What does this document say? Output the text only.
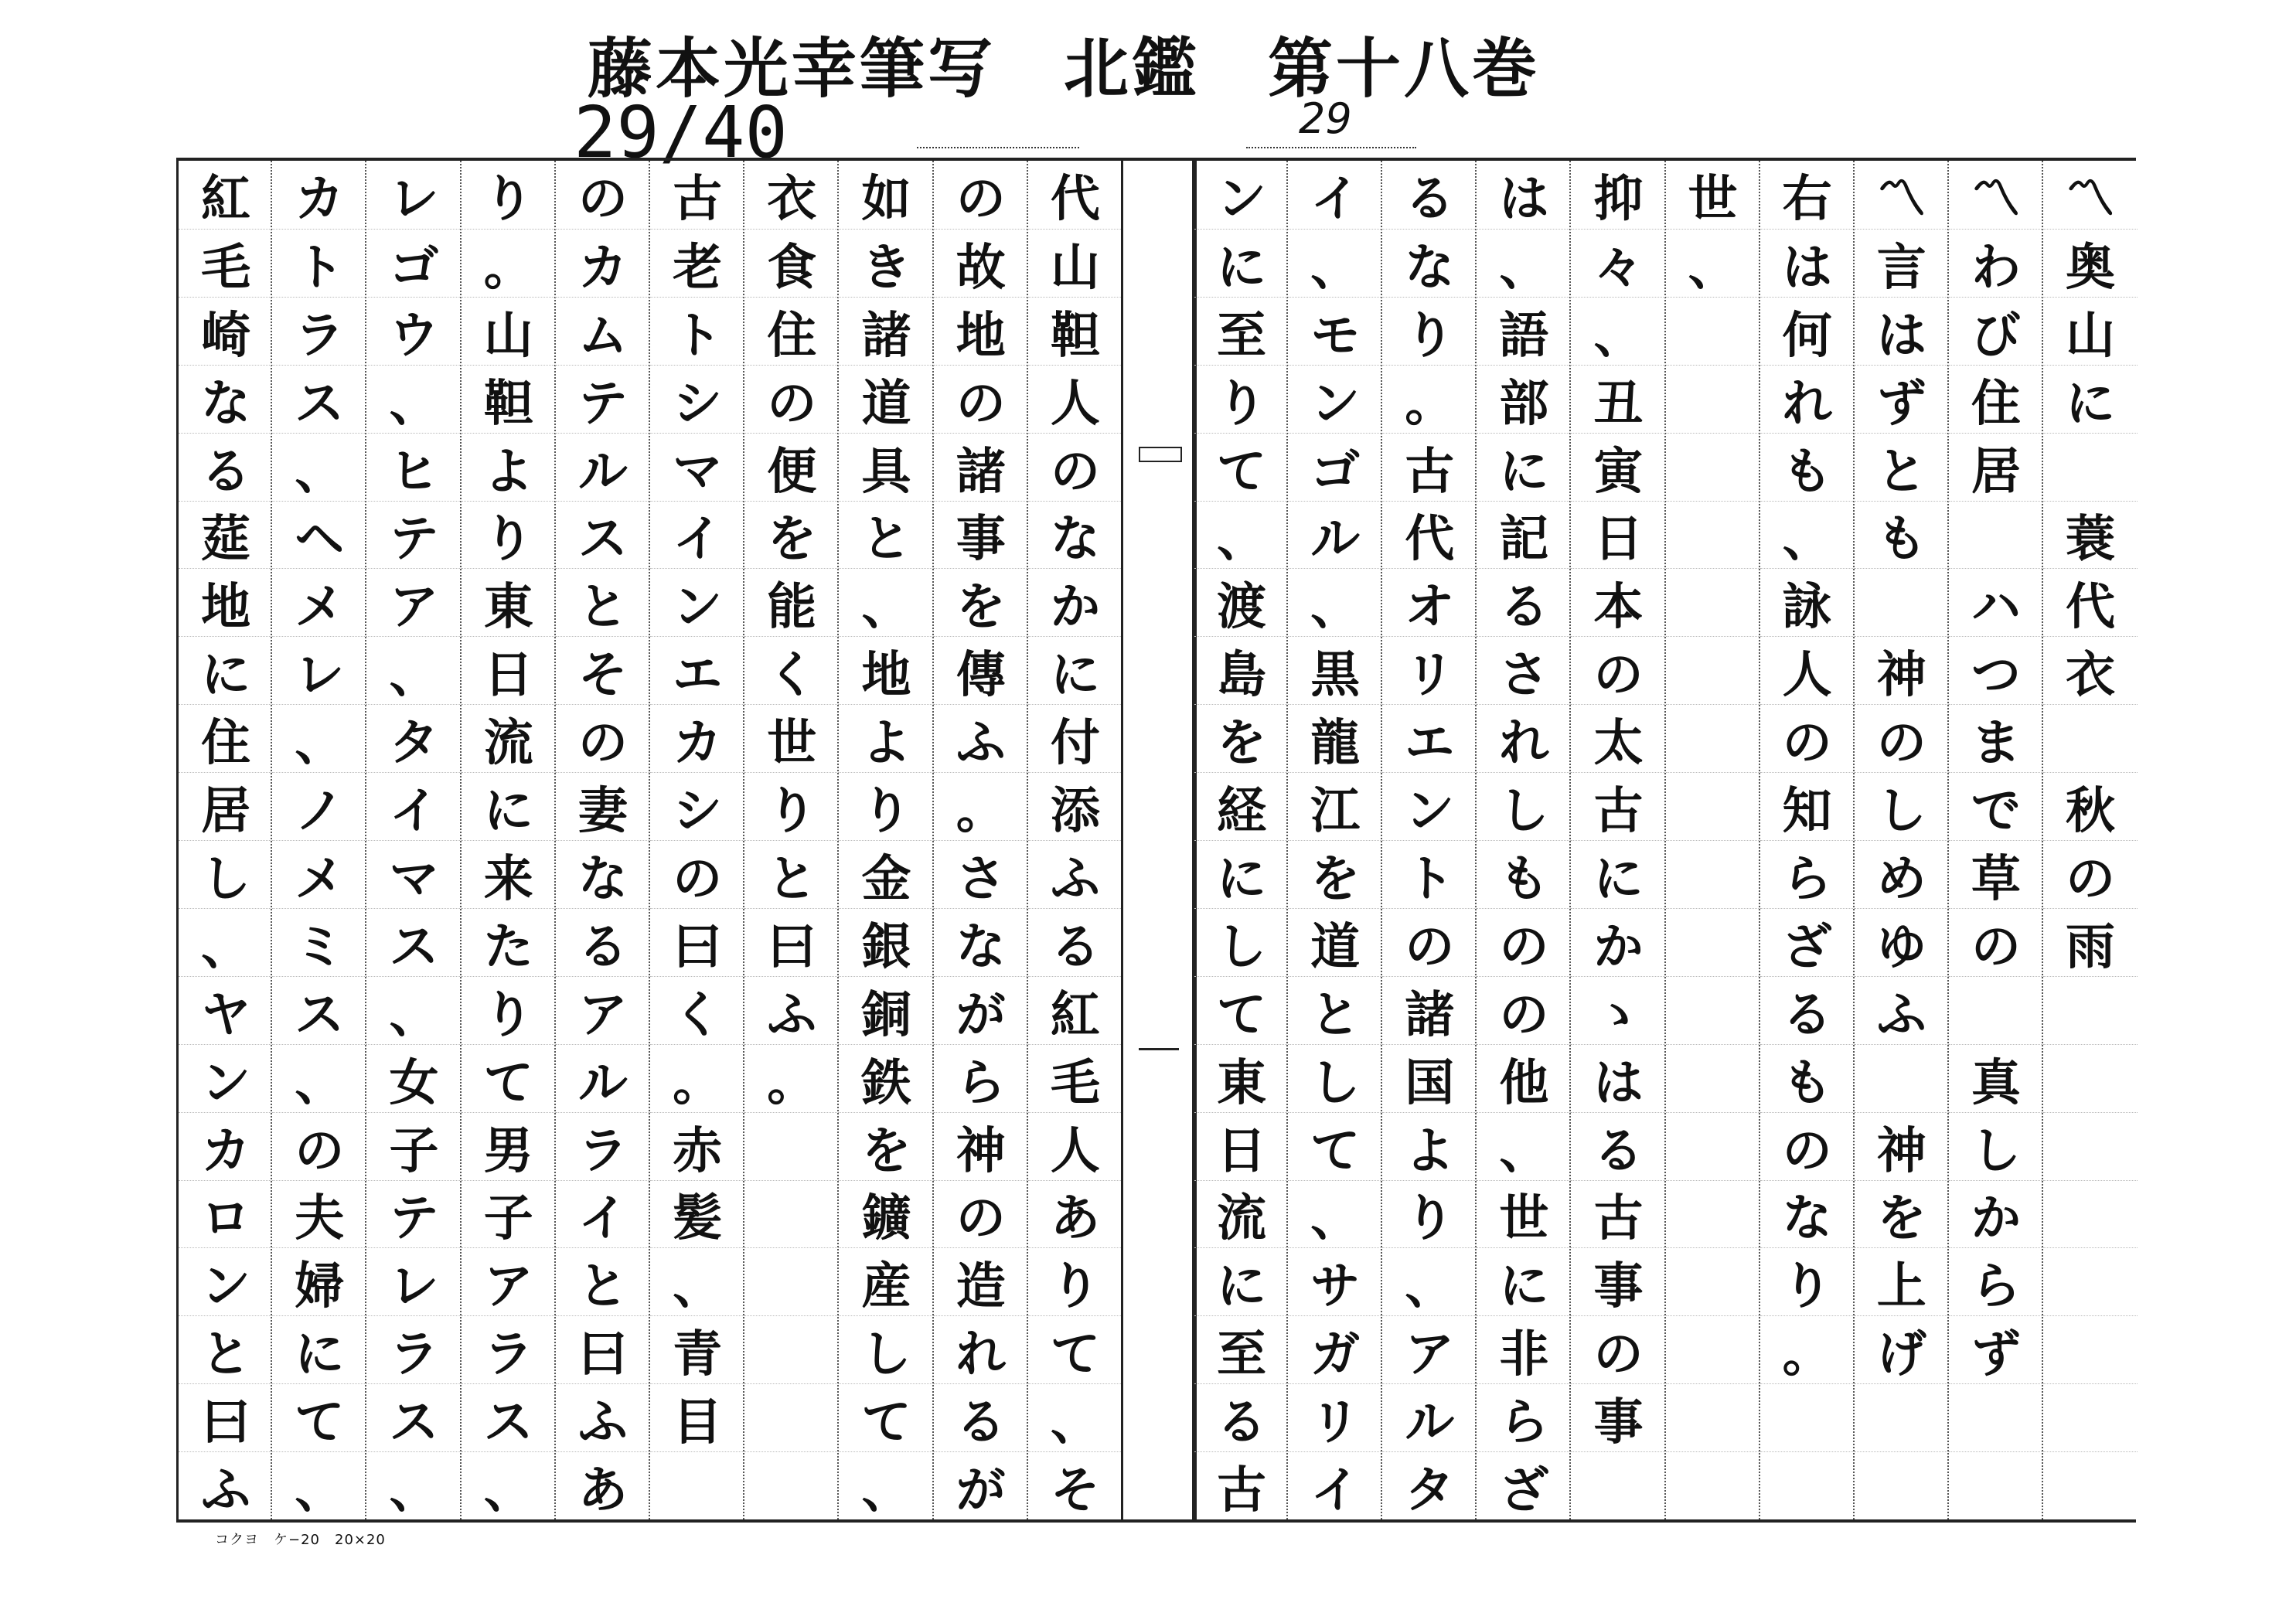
藤本光幸筆写　北鑑　第十八巻
29/40	29
代
山
靼
人
の
な
か
に
付
添
ふ
る
紅
毛
人
あ
り
て
、
そ
の
故
地
の
諸
事
を
傳
ふ
。
さ
な
が
ら
神
の
造
れ
る
が
如
き
諸
道
具
と
、
地
よ
り
金
銀
銅
鉄
を
鑛
産
し
て
、
衣
食
住
の
便
を
能
く
世
り
と
曰
ふ
。
古
老
ト
シ
マ
イ
ン
エ
カ
シ
の
曰
く
。
赤
髪
、
青
目
の
カ
ム
テ
ル
ス
と
そ
の
妻
な
る
ア
ル
ラ
イ
と
曰
ふ
あ
り
。
山
靼
よ
り
東
日
流
に
来
た
り
て
男
子
ア
ラ
ス
、
レ
ゴ
ウ
、
ヒ
テ
ア
、
タ
イ
マ
ス
、
女
子
テ
レ
ラ
ス
、
カ
ト
ラ
ス
、
ヘ
メ
レ
、
ノ
メ
ミ
ス
、
の
夫
婦
に
て
、
紅
毛
崎
な
る
莚
地
に
住
居
し
、
ヤ
ン
カ
ロ
ン
と
曰
ふ
〽
奥
山
に

蓑
代
衣

秋
の
雨
〽
わ
び
住
居

ハ
つ
ま
で
草
の

真
し
か
ら
ず
〽
言
は
ず
と
も

神
の
し
め
ゆ
ふ

神
を
上
げ
右
は
何
れ
も
、
詠
人
の
知
ら
ざ
る
も
の
な
り
。
世
、
抑
々
、
丑
寅
日
本
の
太
古
に
か
ゝ
は
る
古
事
の
事
は
、
語
部
に
記
る
さ
れ
し
も
の
の
他
、
世
に
非
ら
ざ
る
な
り
。
古
代
オ
リ
エ
ン
ト
の
諸
国
よ
り
、
ア
ル
タ
イ
、
モ
ン
ゴ
ル
、
黒
龍
江
を
道
と
し
て
、
サ
ガ
リ
イ
ン
に
至
り
て
、
渡
島
を
経
に
し
て
東
日
流
に
至
る
古
コクヨ　ケ−20　20×20
